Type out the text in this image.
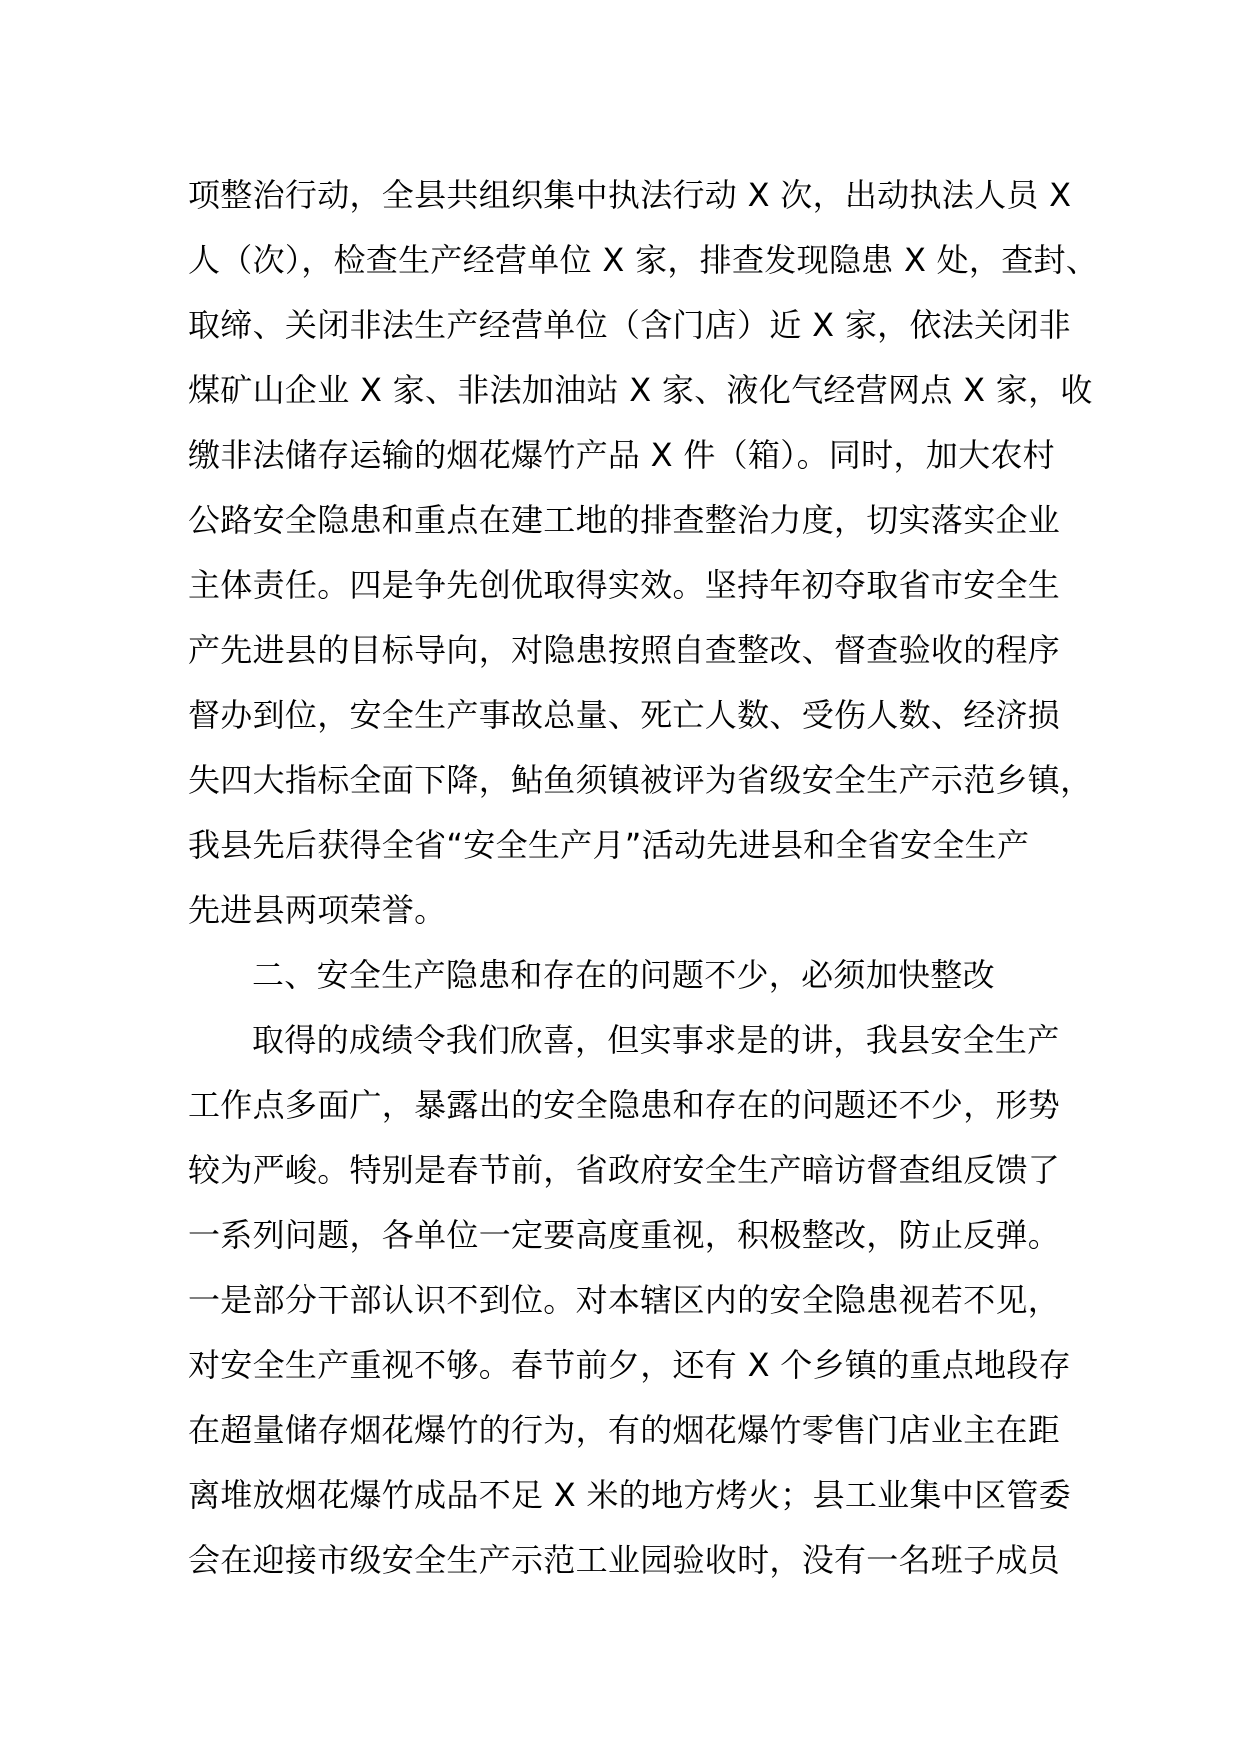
项整治行动，全县共组织集中执法行动 X 次，出动执法人员 X
人（次），检查生产经营单位 X 家，排查发现隐患 X 处，查封、
取缔、关闭非法生产经营单位（含门店）近 X 家，依法关闭非
煤矿山企业 X 家、非法加油站 X 家、液化气经营网点 X 家，收
缴非法储存运输的烟花爆竹产品 X 件（箱）。同时，加大农村
公路安全隐患和重点在建工地的排查整治力度，切实落实企业
主体责任。四是争先创优取得实效。坚持年初夺取省市安全生
产先进县的目标导向，对隐患按照自查整改、督查验收的程序
督办到位，安全生产事故总量、死亡人数、受伤人数、经济损
失四大指标全面下降，鲇鱼须镇被评为省级安全生产示范乡镇，
我县先后获得全省“安全生产月”活动先进县和全省安全生产
先进县两项荣誉。
二、安全生产隐患和存在的问题不少，必须加快整改
取得的成绩令我们欣喜，但实事求是的讲，我县安全生产
工作点多面广，暴露出的安全隐患和存在的问题还不少，形势
较为严峻。特别是春节前，省政府安全生产暗访督查组反馈了
一系列问题，各单位一定要高度重视，积极整改，防止反弹。
一是部分干部认识不到位。对本辖区内的安全隐患视若不见，
对安全生产重视不够。春节前夕，还有 X 个乡镇的重点地段存
在超量储存烟花爆竹的行为，有的烟花爆竹零售门店业主在距
离堆放烟花爆竹成品不足 X 米的地方烤火；县工业集中区管委
会在迎接市级安全生产示范工业园验收时，没有一名班子成员
